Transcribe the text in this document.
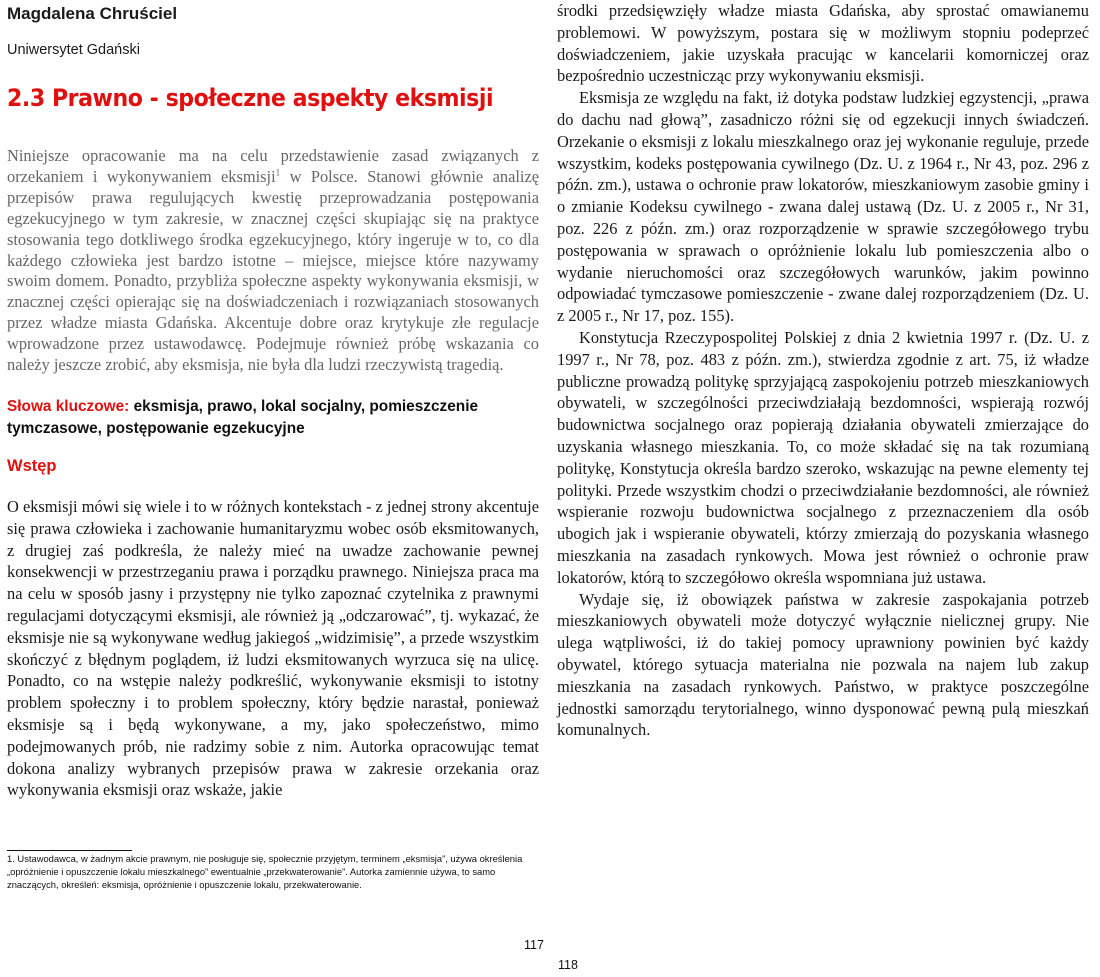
Magdalena Chruściel
Uniwersytet Gdański
2.3 Prawno - społeczne aspekty eksmisji
Niniejsze opracowanie ma na celu przedstawienie zasad związanych z orzekaniem i wykonywaniem eksmisji$^1$ w Polsce. Stanowi głównie analizę przepisów prawa regulujących kwestię przeprowadzania postępowania egzekucyjnego w tym zakresie, w znacznej części skupiając się na praktyce stosowania tego dotkliwego środka egzekucyjnego, który ingeruje w to, co dla każdego człowieka jest bardzo istotne – miejsce, miejsce które nazywamy swoim domem. Ponadto, przybliża społeczne aspekty wykonywania eksmisji, w znacznej części opierając się na doświadczeniach i rozwiązaniach stosowanych przez władze miasta Gdańska. Akcentuje dobre oraz krytykuje złe regulacje wprowadzone przez ustawodawcę. Podejmuje również próbę wskazania co należy jeszcze zrobić, aby eksmisja, nie była dla ludzi rzeczywistą tragedią.
Słowa kluczowe: eksmisja, prawo, lokal socjalny, pomieszczenie tymczasowe, postępowanie egzekucyjne
Wstęp

O eksmisji mówi się wiele i to w różnych kontekstach - z jednej strony akcentuje się prawa człowieka i zachowanie humanitaryzmu wobec osób eksmitowanych, z drugiej zaś podkreśla, że należy mieć na uwadze zachowanie pewnej konsekwencji w przestrzeganiu prawa i porządku prawnego. Niniejsza praca ma na celu w sposób jasny i przystępny nie tylko zapoznać czytelnika z prawnymi regulacjami dotyczącymi eksmisji, ale również ją „odczarować”, tj. wykazać, że eksmisje nie są wykonywane według jakiegoś „widzimisię”, a przede wszystkim skończyć z błędnym poglądem, iż ludzi eksmitowanych wyrzuca się na ulicę. Ponadto, co na wstępie należy podkreślić, wykonywanie eksmisji to istotny problem społeczny i to problem społeczny, który będzie narastał, ponieważ eksmisje są i będą wykonywane, a my, jako społeczeństwo, mimo podejmowanych prób, nie radzimy sobie z nim. Autorka opracowując temat dokona analizy wybranych przepisów prawa w zakresie orzekania oraz wykonywania eksmisji oraz wskaże, jakie

1. Ustawodawca, w żadnym akcie prawnym, nie posługuje się, społecznie przyjętym, terminem „eksmisja”, używa określenia „opróżnienie i opuszczenie lokalu mieszkalnego” ewentualnie „przekwaterowanie”. Autorka zamiennie używa, to samo znaczących, określeń: eksmisja, opróżnienie i opuszczenie lokalu, przekwaterowanie.
117

środki przedsięwzięły władze miasta Gdańska, aby sprostać omawianemu problemowi. W powyższym, postara się w możliwym stopniu podeprzeć doświadczeniem, jakie uzyskała pracując w kancelarii komorniczej oraz bezpośrednio uczestnicząc przy wykonywaniu eksmisji.

Eksmisja ze względu na fakt, iż dotyka podstaw ludzkiej egzystencji, „prawa do dachu nad głową”, zasadniczo różni się od egzekucji innych świadczeń. Orzekanie o eksmisji z lokalu mieszkalnego oraz jej wykonanie reguluje, przede wszystkim, kodeks postępowania cywilnego (Dz. U. z 1964 r., Nr 43, poz. 296 z późn. zm.), ustawa o ochronie praw lokatorów, mieszkaniowym zasobie gminy i o zmianie Kodeksu cywilnego - zwana dalej ustawą (Dz. U. z 2005 r., Nr 31, poz. 226 z późn. zm.) oraz rozporządzenie w sprawie szczegółowego trybu postępowania w sprawach o opróżnienie lokalu lub pomieszczenia albo o wydanie nieruchomości oraz szczegółowych warunków, jakim powinno odpowiadać tymczasowe pomieszczenie - zwane dalej rozporządzeniem (Dz. U. z 2005 r., Nr 17, poz. 155).

Konstytucja Rzeczypospolitej Polskiej z dnia 2 kwietnia 1997 r. (Dz. U. z 1997 r., Nr 78, poz. 483 z późn. zm.), stwierdza zgodnie z art. 75, iż władze publiczne prowadzą politykę sprzyjającą zaspokojeniu potrzeb mieszkaniowych obywateli, w szczególności przeciwdziałają bezdomności, wspierają rozwój budownictwa socjalnego oraz popierają działania obywateli zmierzające do uzyskania własnego mieszkania. To, co może składać się na tak rozumianą politykę, Konstytucja określa bardzo szeroko, wskazując na pewne elementy tej polityki. Przede wszystkim chodzi o przeciwdziałanie bezdomności, ale również wspieranie rozwoju budownictwa socjalnego z przeznaczeniem dla osób ubogich jak i wspieranie obywateli, którzy zmierzają do pozyskania własnego mieszkania na zasadach rynkowych. Mowa jest również o ochronie praw lokatorów, którą to szczegółowo określa wspomniana już ustawa.

Wydaje się, iż obowiązek państwa w zakresie zaspokajania potrzeb mieszkaniowych obywateli może dotyczyć wyłącznie nielicznej grupy. Nie ulega wątpliwości, iż do takiej pomocy uprawniony powinien być każdy obywatel, którego sytuacja materialna nie pozwala na najem lub zakup mieszkania na zasadach rynkowych. Państwo, w praktyce poszczególne jednostki samorządu terytorialnego, winno dysponować pewną pulą mieszkań komunalnych.

118
